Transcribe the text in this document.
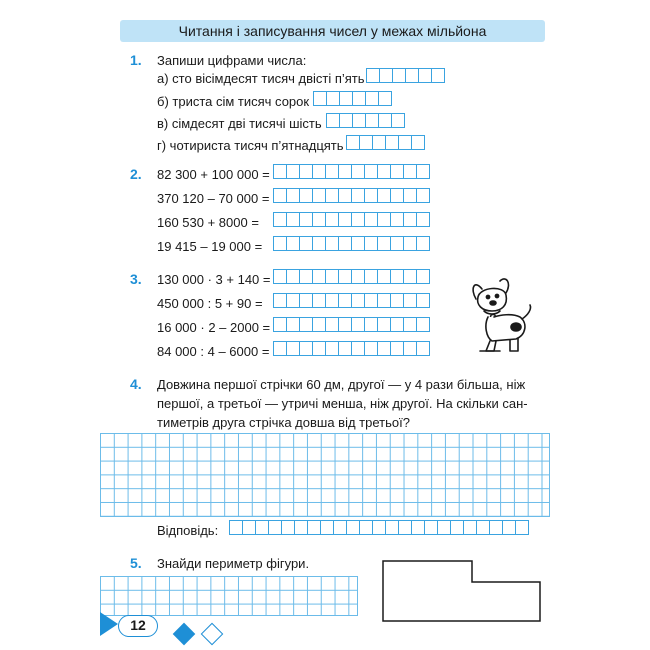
Читання і записування чисел у межах мільйона
1. Запиши цифрами числа:
а) сто вісімдесят тисяч двісті п’ять
б) триста сім тисяч сорок
в) сімдесят дві тисячі шість
г) чотириста тисяч п’ятнадцять
2. 82 300 + 100 000 =
370 120 – 70 000 =
160 530 + 8000 =
19 415 – 19 000 =
3. 130 000 · 3 + 140 =
450 000 : 5 + 90 =
16 000 · 2 – 2000 =
84 000 : 4 – 6000 =
4. Довжина першої стрічки 60 дм, другої — у 4 рази більша, ніж
першої, а третьої — утричі менша, ніж другої. На скільки сан-
тиметрів друга стрічка довша від третьої?
Відповідь:
5. Знайди периметр фігури.
12
